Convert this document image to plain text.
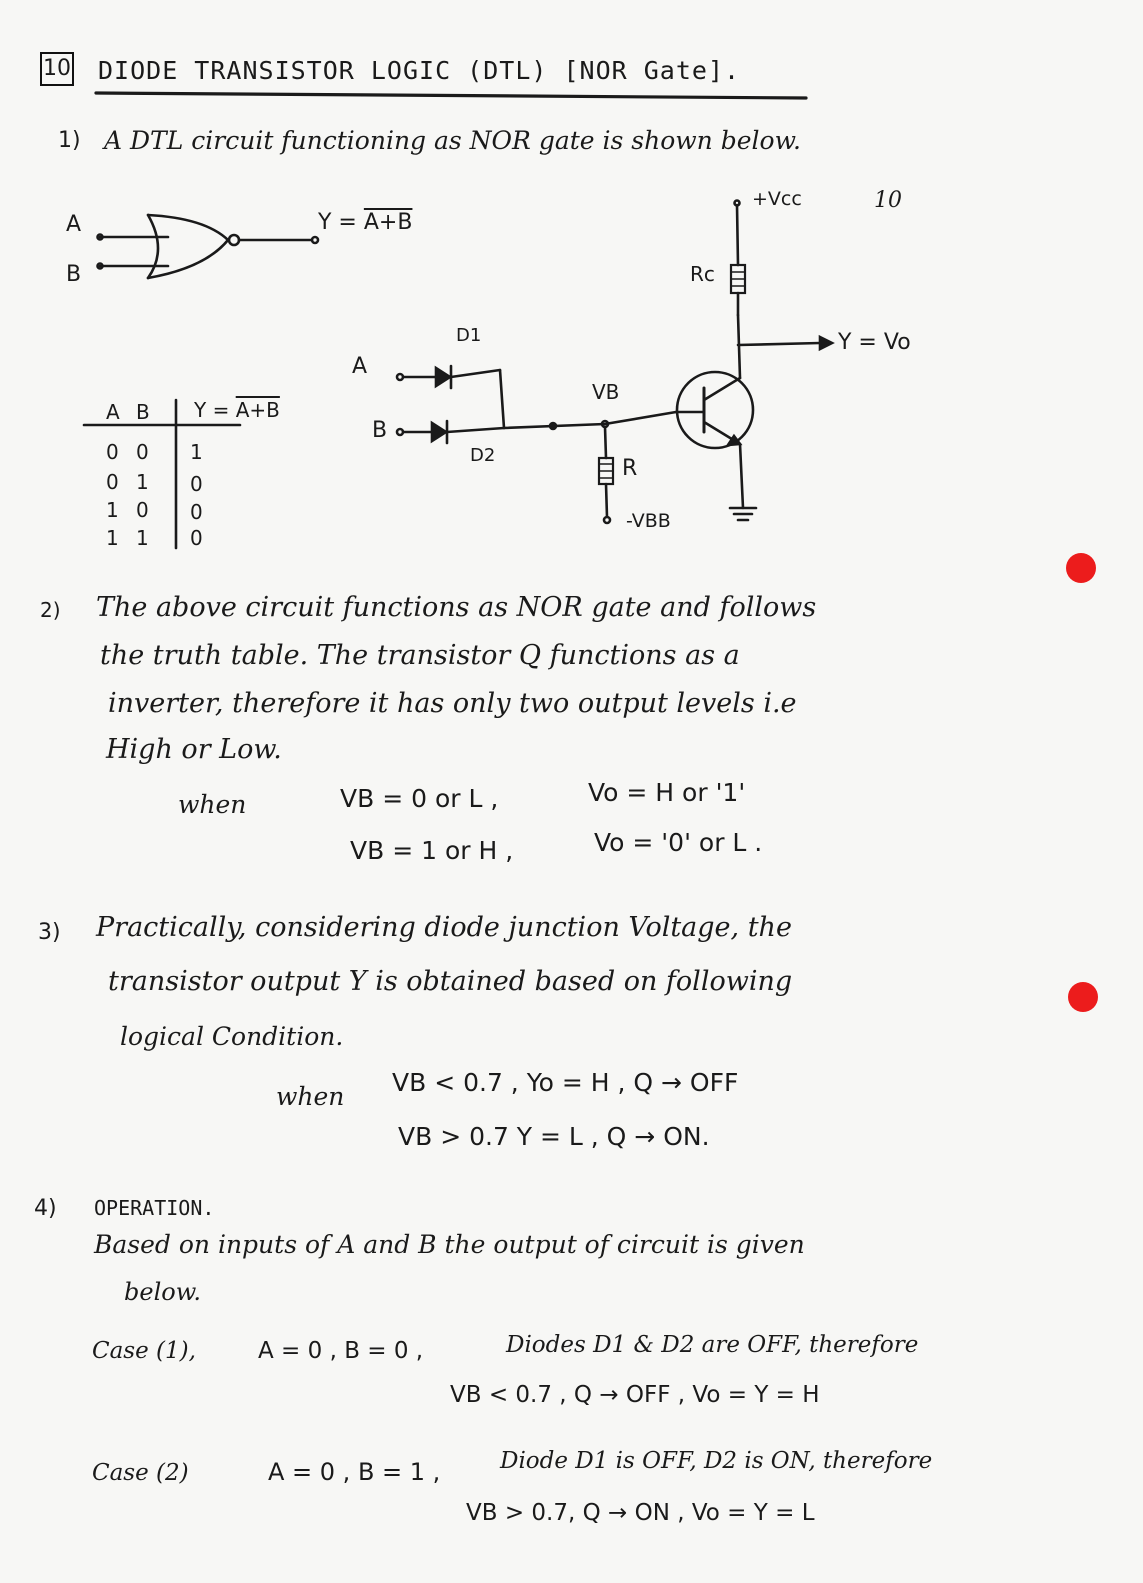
10 DIODE TRANSISTOR LOGIC (DTL) [NOR Gate].
1) A DTL circuit functioning as NOR gate is shown below.
A
B
Y = A+B
+Vcc	10
Rc
Y = Vo
D1
D2
A
B
VB
R
-VBB
A B Y = A+B
0 0 1
0 1 0
1 0 0
1 1 0
2) The above circuit functions as NOR gate and follows
the truth table. The transistor Q functions as a
inverter, therefore it has only two output levels i.e
High or Low.
when	VB = 0 or L ,	Vo = H or '1'
VB = 1 or H ,	Vo = '0' or L .
3) Practically, considering diode junction Voltage, the
transistor output Y is obtained based on following
logical Condition.
when VB < 0.7 , Yo = H , Q → OFF
VB > 0.7 Y = L , Q → ON.
4) OPERATION.
Based on inputs of A and B the output of circuit is given
below.
Case (1),	A = 0 , B = 0 ,	Diodes D1 & D2 are OFF, therefore
VB < 0.7 , Q → OFF , Vo = Y = H
Case (2)	A = 0 , B = 1 ,	Diode D1 is OFF, D2 is ON, therefore
VB > 0.7, Q → ON , Vo = Y = L
